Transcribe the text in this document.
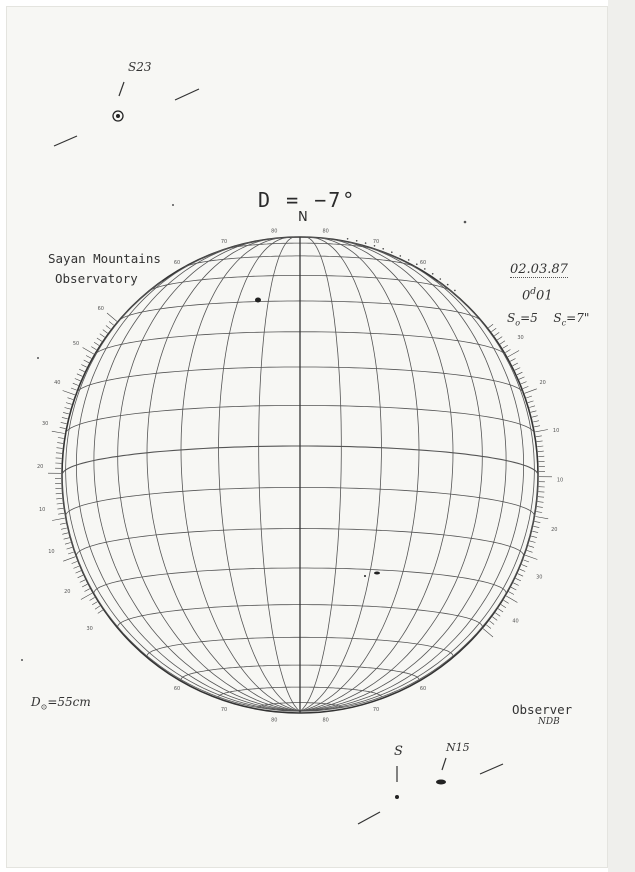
60
50
40
30
20
10
10
20
30
30
20
10
10
20
30
40
60
70
80	80
70
60
60
70
80	80
70
60
D = −7°
N
Sayan Mountains
Observatory
02.03.87
0$^d$01
$S_o=5$ $S_c=7$"
$D_⊙=55cm$	Observer
NDB
S23
S	N15
